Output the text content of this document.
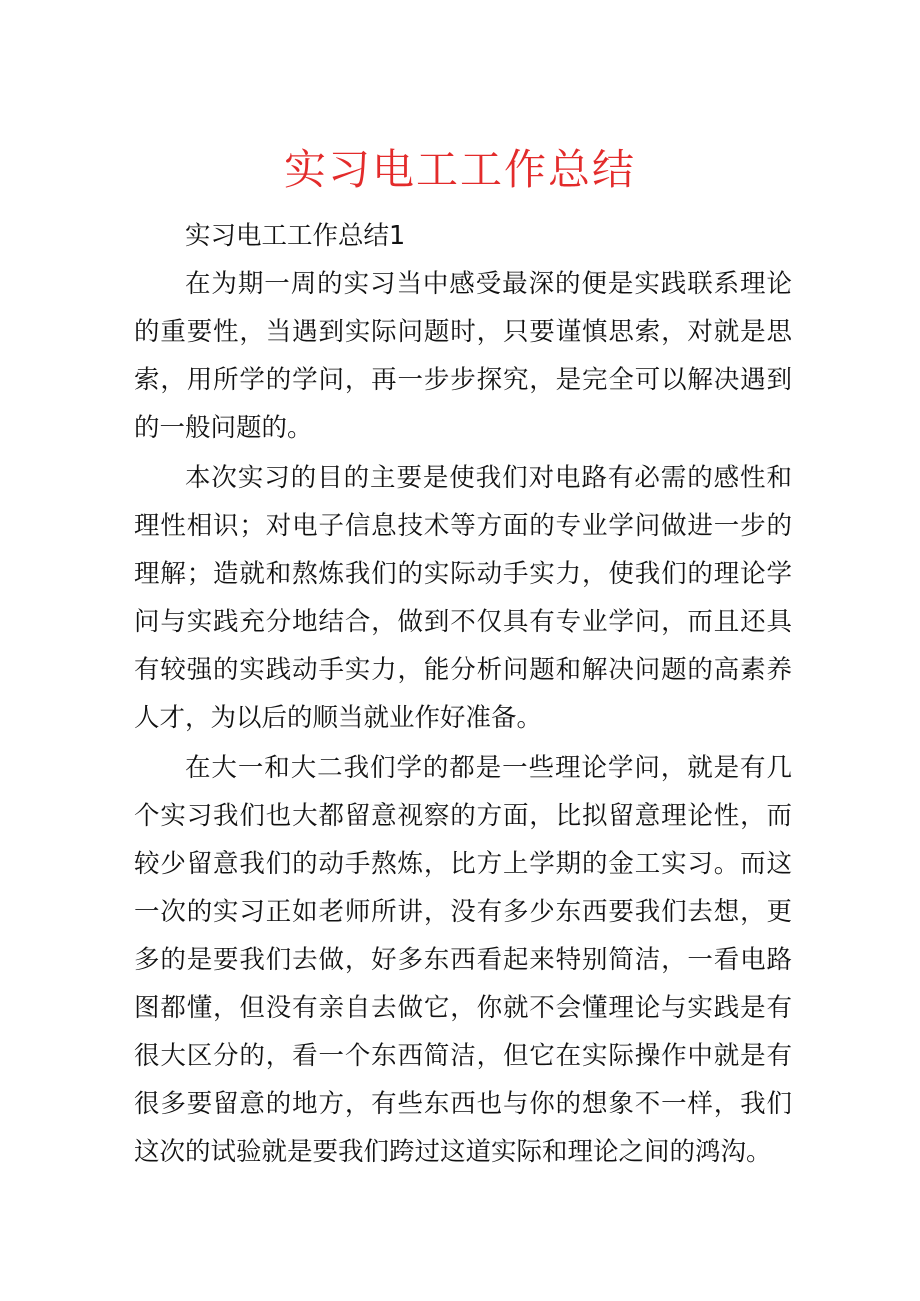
实习电工工作总结

实习电工工作总结1

在为期一周的实习当中感受最深的便是实践联系理论的重要性，当遇到实际问题时，只要谨慎思索，对就是思索，用所学的学问，再一步步探究，是完全可以解决遇到的一般问题的。

本次实习的目的主要是使我们对电路有必需的感性和理性相识；对电子信息技术等方面的专业学问做进一步的理解；造就和熬炼我们的实际动手实力，使我们的理论学问与实践充分地结合，做到不仅具有专业学问，而且还具有较强的实践动手实力，能分析问题和解决问题的高素养人才，为以后的顺当就业作好准备。

在大一和大二我们学的都是一些理论学问，就是有几个实习我们也大都留意视察的方面，比拟留意理论性，而较少留意我们的动手熬炼，比方上学期的金工实习。而这一次的实习正如老师所讲，没有多少东西要我们去想，更多的是要我们去做，好多东西看起来特别简洁，一看电路图都懂，但没有亲自去做它，你就不会懂理论与实践是有很大区分的，看一个东西简洁，但它在实际操作中就是有很多要留意的地方，有些东西也与你的想象不一样，我们这次的试验就是要我们跨过这道实际和理论之间的鸿沟。
